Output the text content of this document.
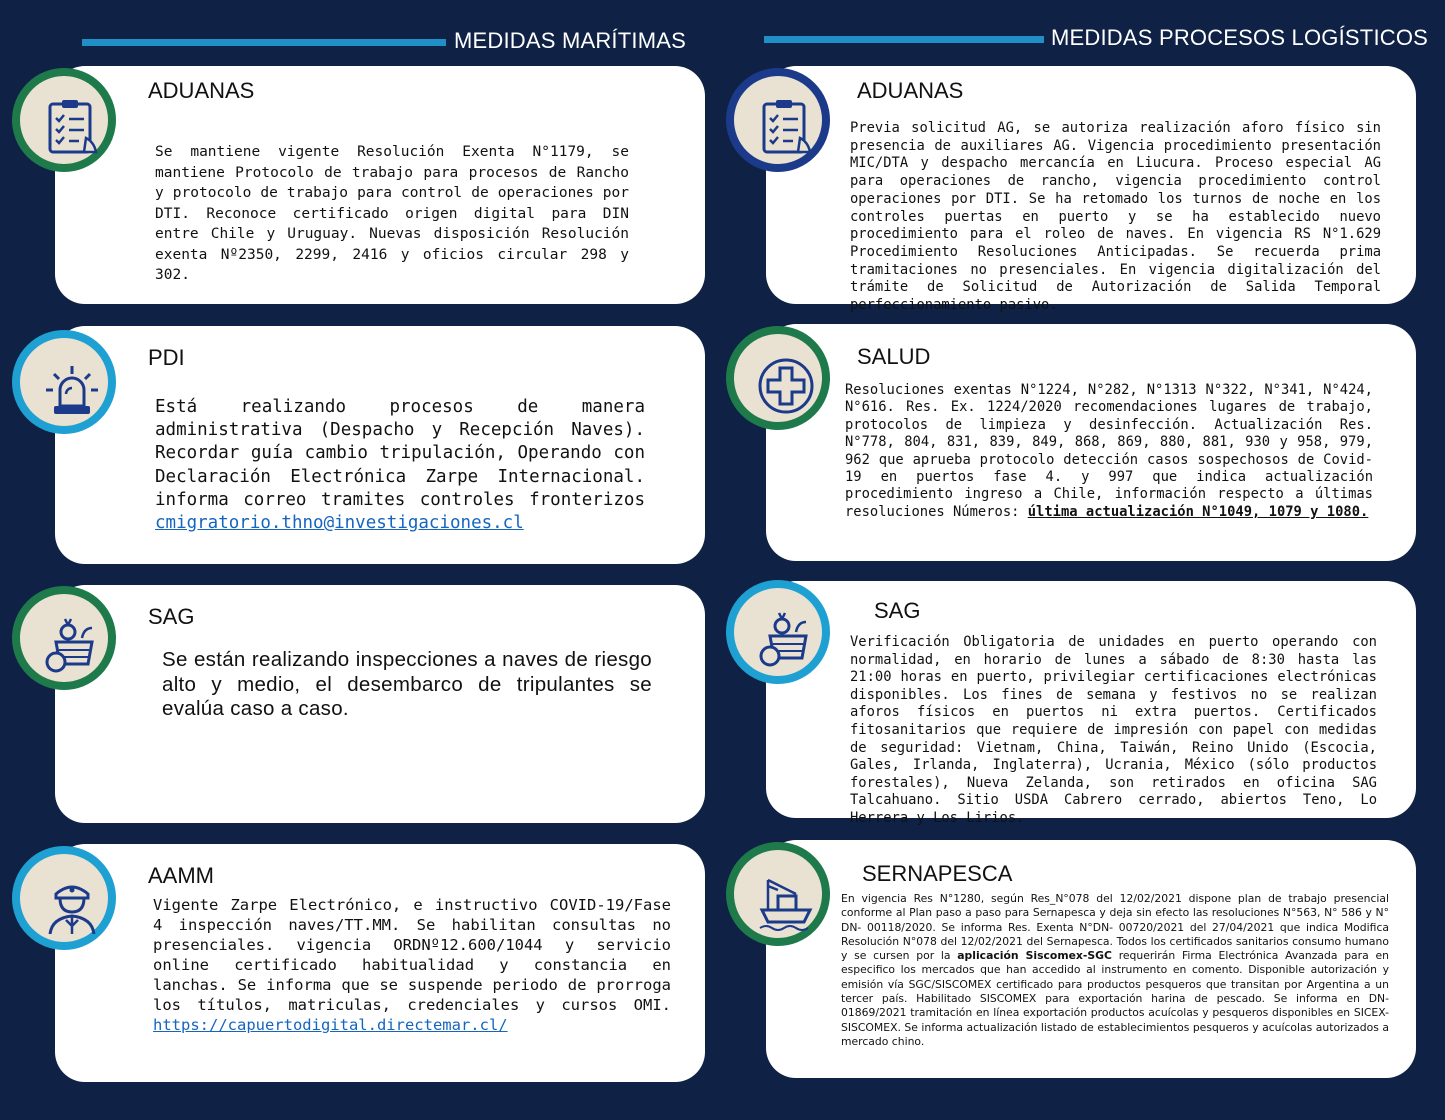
MEDIDAS MARÍTIMAS	MEDIDAS PROCESOS LOGÍSTICOS
ADUANAS
Se mantiene vigente Resolución Exenta N°1179, se mantiene Protocolo de trabajo para procesos de Rancho y protocolo de trabajo para control de operaciones por DTI. Reconoce certificado origen digital para DIN entre Chile y Uruguay. Nuevas disposición Resolución exenta Nº2350, 2299, 2416 y oficios circular 298 y 302.
PDI
Está realizando procesos de manera administrativa (Despacho y Recepción Naves). Recordar guía cambio tripulación, Operando con Declaración Electrónica Zarpe Internacional. informa correo tramites controles fronterizos cmigratorio.thno@investigaciones.cl
SAG
Se están realizando inspecciones a naves de riesgo alto y medio, el desembarco de tripulantes se evalúa caso a caso.
AAMM
Vigente Zarpe Electrónico, e instructivo COVID-19/Fase 4 inspección naves/TT.MM. Se habilitan consultas no presenciales. vigencia ORDNº12.600/1044 y servicio online certificado habitualidad y constancia en lanchas. Se informa que se suspende periodo de prorroga los títulos, matriculas, credenciales y cursos OMI. https://capuertodigital.directemar.cl/
ADUANAS
Previa solicitud AG, se autoriza realización aforo físico sin presencia de auxiliares AG. Vigencia procedimiento presentación MIC/DTA y despacho mercancía en Liucura. Proceso especial AG para operaciones de rancho, vigencia procedimiento control operaciones por DTI. Se ha retomado los turnos de noche en los controles puertas en puerto y se ha establecido nuevo procedimiento para el roleo de naves. En vigencia RS N°1.629 Procedimiento Resoluciones Anticipadas. Se recuerda prima tramitaciones no presenciales. En vigencia digitalización del trámite de Solicitud de Autorización de Salida Temporal perfeccionamiento pasivo.
SALUD
Resoluciones exentas N°1224, N°282, N°1313 N°322, N°341, N°424, N°616. Res. Ex. 1224/2020 recomendaciones lugares de trabajo, protocolos de limpieza y desinfección. Actualización Res. N°778, 804, 831, 839, 849, 868, 869, 880, 881, 930 y 958, 979, 962 que aprueba protocolo detección casos sospechosos de Covid-19 en puertos fase 4. y 997 que indica actualización procedimiento ingreso a Chile, información respecto a últimas resoluciones Números: última actualización N°1049, 1079 y 1080.
SAG
Verificación Obligatoria de unidades en puerto operando con normalidad, en horario de lunes a sábado de 8:30 hasta las 21:00 horas en puerto, privilegiar certificaciones electrónicas disponibles. Los fines de semana y festivos no se realizan aforos físicos en puertos ni extra puertos. Certificados fitosanitarios que requiere de impresión con papel con medidas de seguridad: Vietnam, China, Taiwán, Reino Unido (Escocia, Gales, Irlanda, Inglaterra), Ucrania, México (sólo productos forestales), Nueva Zelanda, son retirados en oficina SAG Talcahuano. Sitio USDA Cabrero cerrado, abiertos Teno, Lo Herrera y Los Lirios.
SERNAPESCA
En vigencia Res N°1280, según Res_N°078 del 12/02/2021 dispone plan de trabajo presencial conforme al Plan paso a paso para Sernapesca y deja sin efecto las resoluciones N°563, N° 586 y N° DN- 00118/2020. Se informa Res. Exenta N°DN- 00720/2021 del 27/04/2021 que indica Modifica Resolución N°078 del 12/02/2021 del Sernapesca. Todos los certificados sanitarios consumo humano y se cursen por la aplicación Siscomex-SGC requerirán Firma Electrónica Avanzada para en especifico los mercados que han accedido al instrumento en comento. Disponible autorización y emisión vía SGC/SISCOMEX certificado para productos pesqueros que transitan por Argentina a un tercer país. Habilitado SISCOMEX para exportación harina de pescado. Se informa en DN-01869/2021 tramitación en línea exportación productos acuícolas y pesqueros disponibles en SICEX-SISCOMEX. Se informa actualización listado de establecimientos pesqueros y acuícolas autorizados a mercado chino.
